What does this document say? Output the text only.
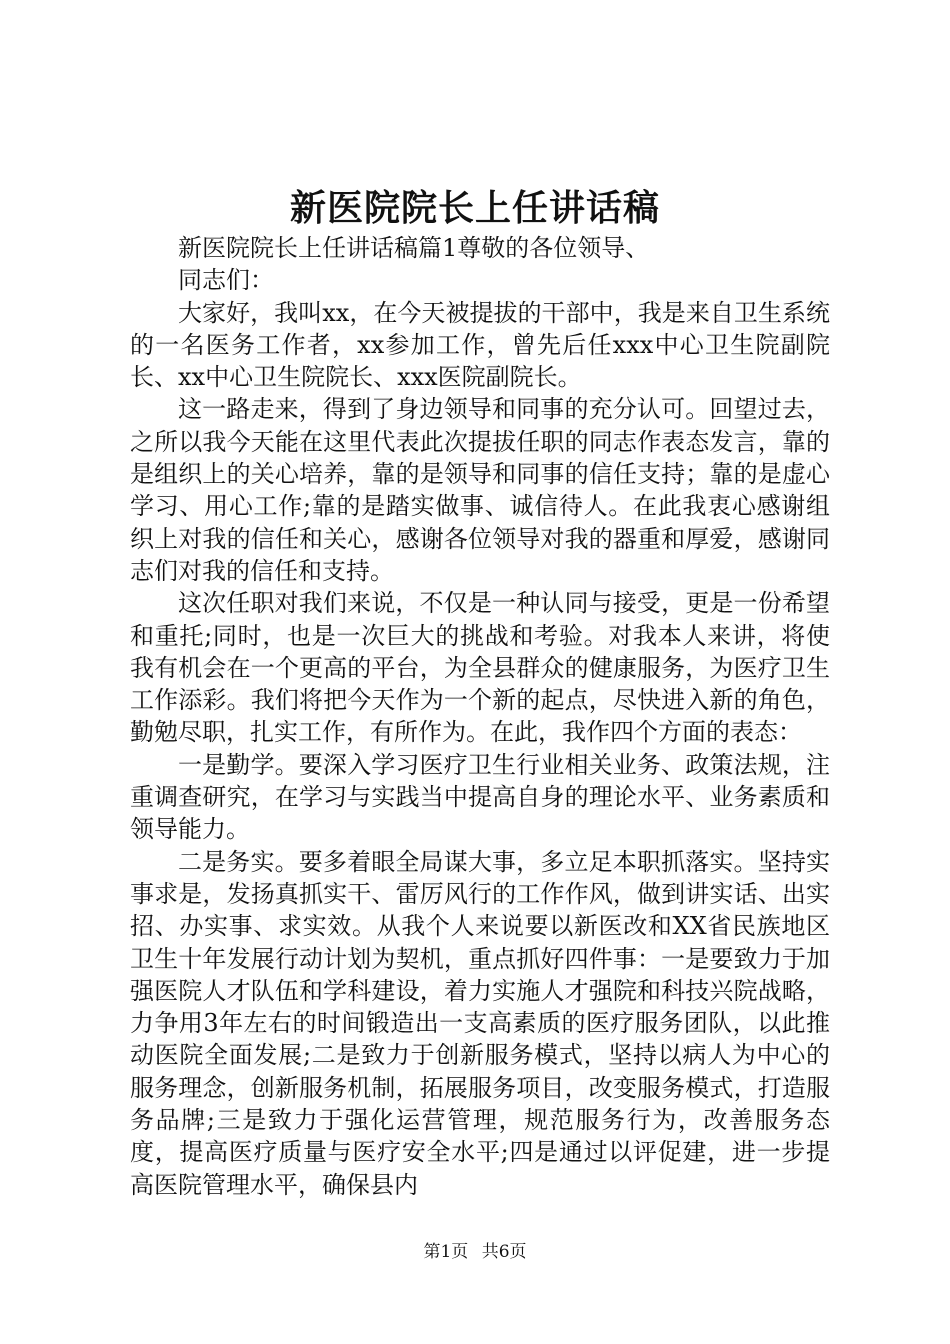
新医院院长上任讲话稿

新医院院长上任讲话稿篇1尊敬的各位领导、

同志们：

大家好，我叫xx，在今天被提拔的干部中，我是来自卫生系统的一名医务工作者，xx参加工作，曾先后任xxx中心卫生院副院长、xx中心卫生院院长、xxx医院副院长。

这一路走来，得到了身边领导和同事的充分认可。回望过去，之所以我今天能在这里代表此次提拔任职的同志作表态发言，靠的是组织上的关心培养，靠的是领导和同事的信任支持；靠的是虚心学习、用心工作;靠的是踏实做事、诚信待人。在此我衷心感谢组织上对我的信任和关心，感谢各位领导对我的器重和厚爱，感谢同志们对我的信任和支持。

这次任职对我们来说，不仅是一种认同与接受，更是一份希望和重托;同时，也是一次巨大的挑战和考验。对我本人来讲，将使我有机会在一个更高的平台，为全县群众的健康服务，为医疗卫生工作添彩。我们将把今天作为一个新的起点，尽快进入新的角色，勤勉尽职，扎实工作，有所作为。在此，我作四个方面的表态：

一是勤学。要深入学习医疗卫生行业相关业务、政策法规，注重调查研究，在学习与实践当中提高自身的理论水平、业务素质和领导能力。

二是务实。要多着眼全局谋大事，多立足本职抓落实。坚持实事求是，发扬真抓实干、雷厉风行的工作作风，做到讲实话、出实招、办实事、求实效。从我个人来说要以新医改和XX省民族地区卫生十年发展行动计划为契机，重点抓好四件事：一是要致力于加强医院人才队伍和学科建设，着力实施人才强院和科技兴院战略，力争用3年左右的时间锻造出一支高素质的医疗服务团队，以此推动医院全面发展;二是致力于创新服务模式，坚持以病人为中心的服务理念，创新服务机制，拓展服务项目，改变服务模式，打造服务品牌;三是致力于强化运营管理，规范服务行为，改善服务态度，提高医疗质量与医疗安全水平;四是通过以评促建，进一步提高医院管理水平，确保县内

第1页 共6页
